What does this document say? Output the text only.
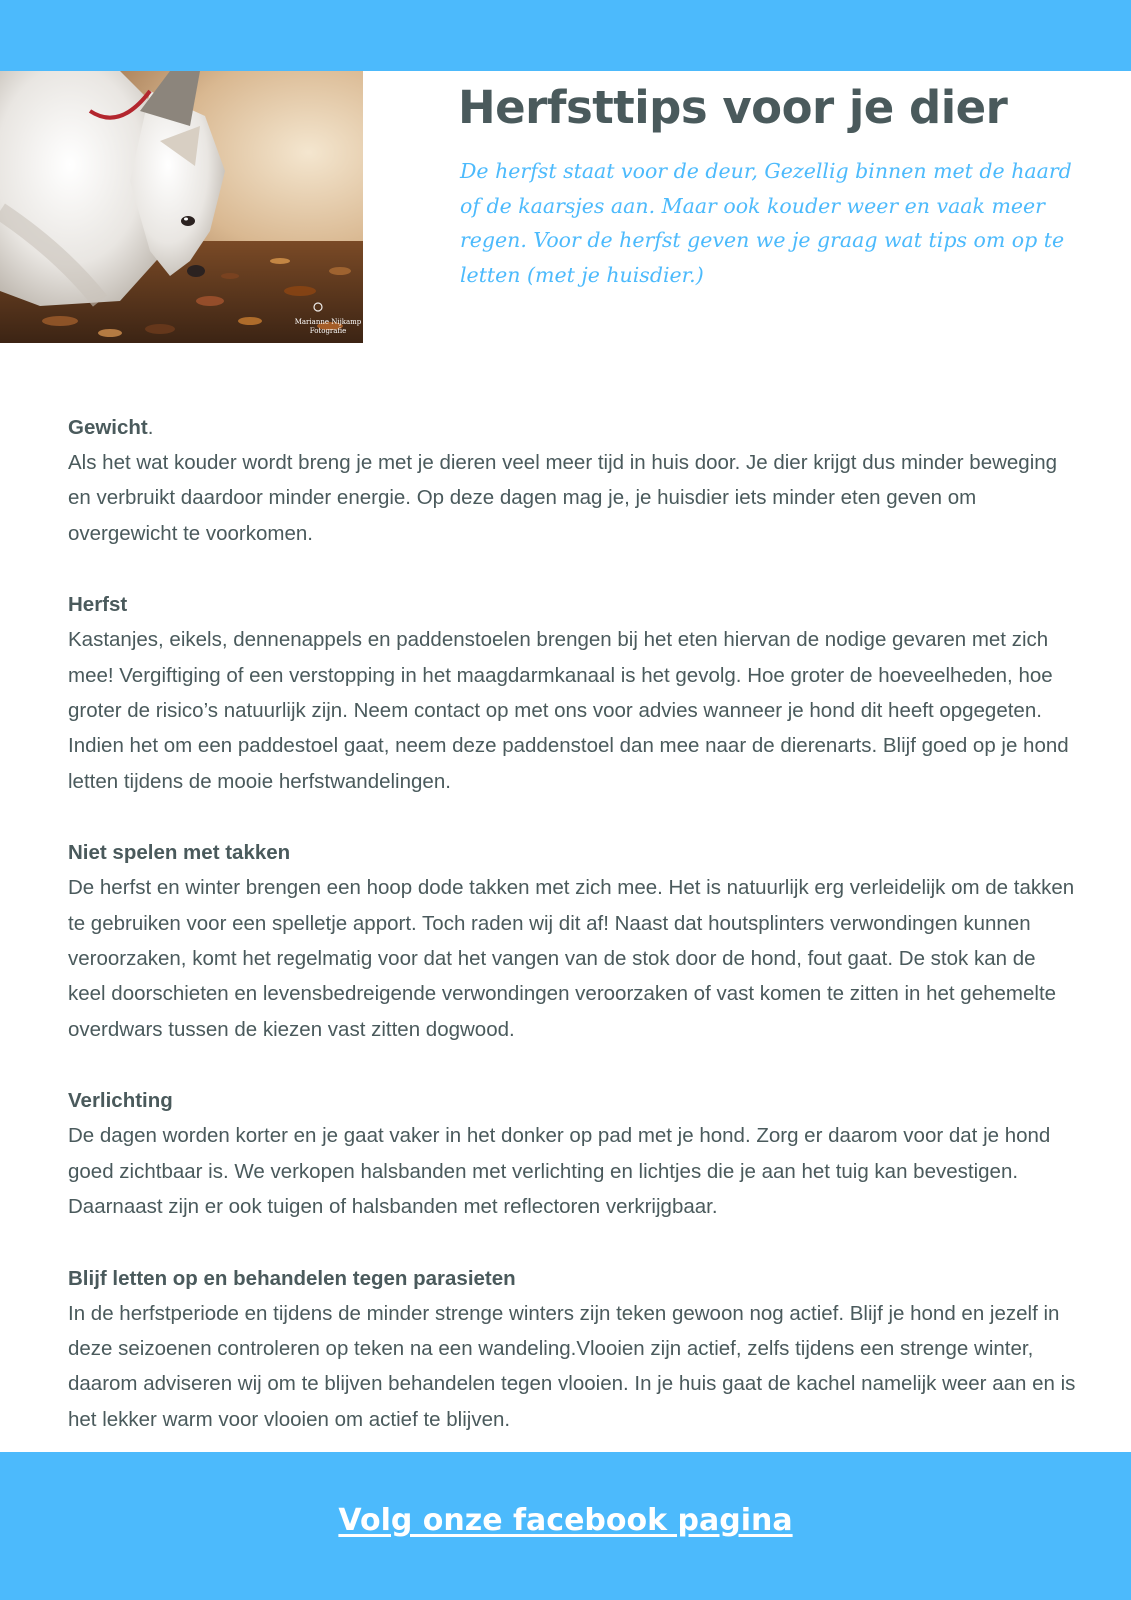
Marianne Nijkamp
Fotografie
Herfsttips voor je dier

De herfst staat voor de deur, Gezellig binnen met de haard of de kaarsjes aan. Maar ook kouder weer en vaak meer regen. Voor de herfst geven we je graag wat tips om op te letten (met je huisdier.)

Gewicht.

Als het wat kouder wordt breng je met je dieren veel meer tijd in huis door. Je dier krijgt dus minder beweging en verbruikt daardoor minder energie. Op deze dagen mag je, je huisdier iets minder eten geven om overgewicht te voorkomen.

Herfst

Kastanjes, eikels, dennenappels en paddenstoelen brengen bij het eten hiervan de nodige gevaren met zich mee! Vergiftiging of een verstopping in het maagdarmkanaal is het gevolg. Hoe groter de hoeveelheden, hoe groter de risico’s natuurlijk zijn. Neem contact op met ons voor advies wanneer je hond dit heeft opgegeten. Indien het om een paddestoel gaat, neem deze paddenstoel dan mee naar de dierenarts. Blijf goed op je hond letten tijdens de mooie herfstwandelingen.

Niet spelen met takken

De herfst en winter brengen een hoop dode takken met zich mee. Het is natuurlijk erg verleidelijk om de takken te gebruiken voor een spelletje apport. Toch raden wij dit af! Naast dat houtsplinters verwondingen kunnen veroorzaken, komt het regelmatig voor dat het vangen van de stok door de hond, fout gaat. De stok kan de keel doorschieten en levensbedreigende verwondingen veroorzaken of vast komen te zitten in het gehemelte overdwars tussen de kiezen vast zitten dogwood.

Verlichting

De dagen worden korter en je gaat vaker in het donker op pad met je hond. Zorg er daarom voor dat je hond goed zichtbaar is. We verkopen halsbanden met verlichting en lichtjes die je aan het tuig kan bevestigen. Daarnaast zijn er ook tuigen of halsbanden met reflectoren verkrijgbaar.

Blijf letten op en behandelen tegen parasieten

In de herfstperiode en tijdens de minder strenge winters zijn teken gewoon nog actief. Blijf je hond en jezelf in deze seizoenen controleren op teken na een wandeling.Vlooien zijn actief, zelfs tijdens een strenge winter, daarom adviseren wij om te blijven behandelen tegen vlooien. In je huis gaat de kachel namelijk weer aan en is het lekker warm voor vlooien om actief te blijven.

Volg onze facebook pagina
